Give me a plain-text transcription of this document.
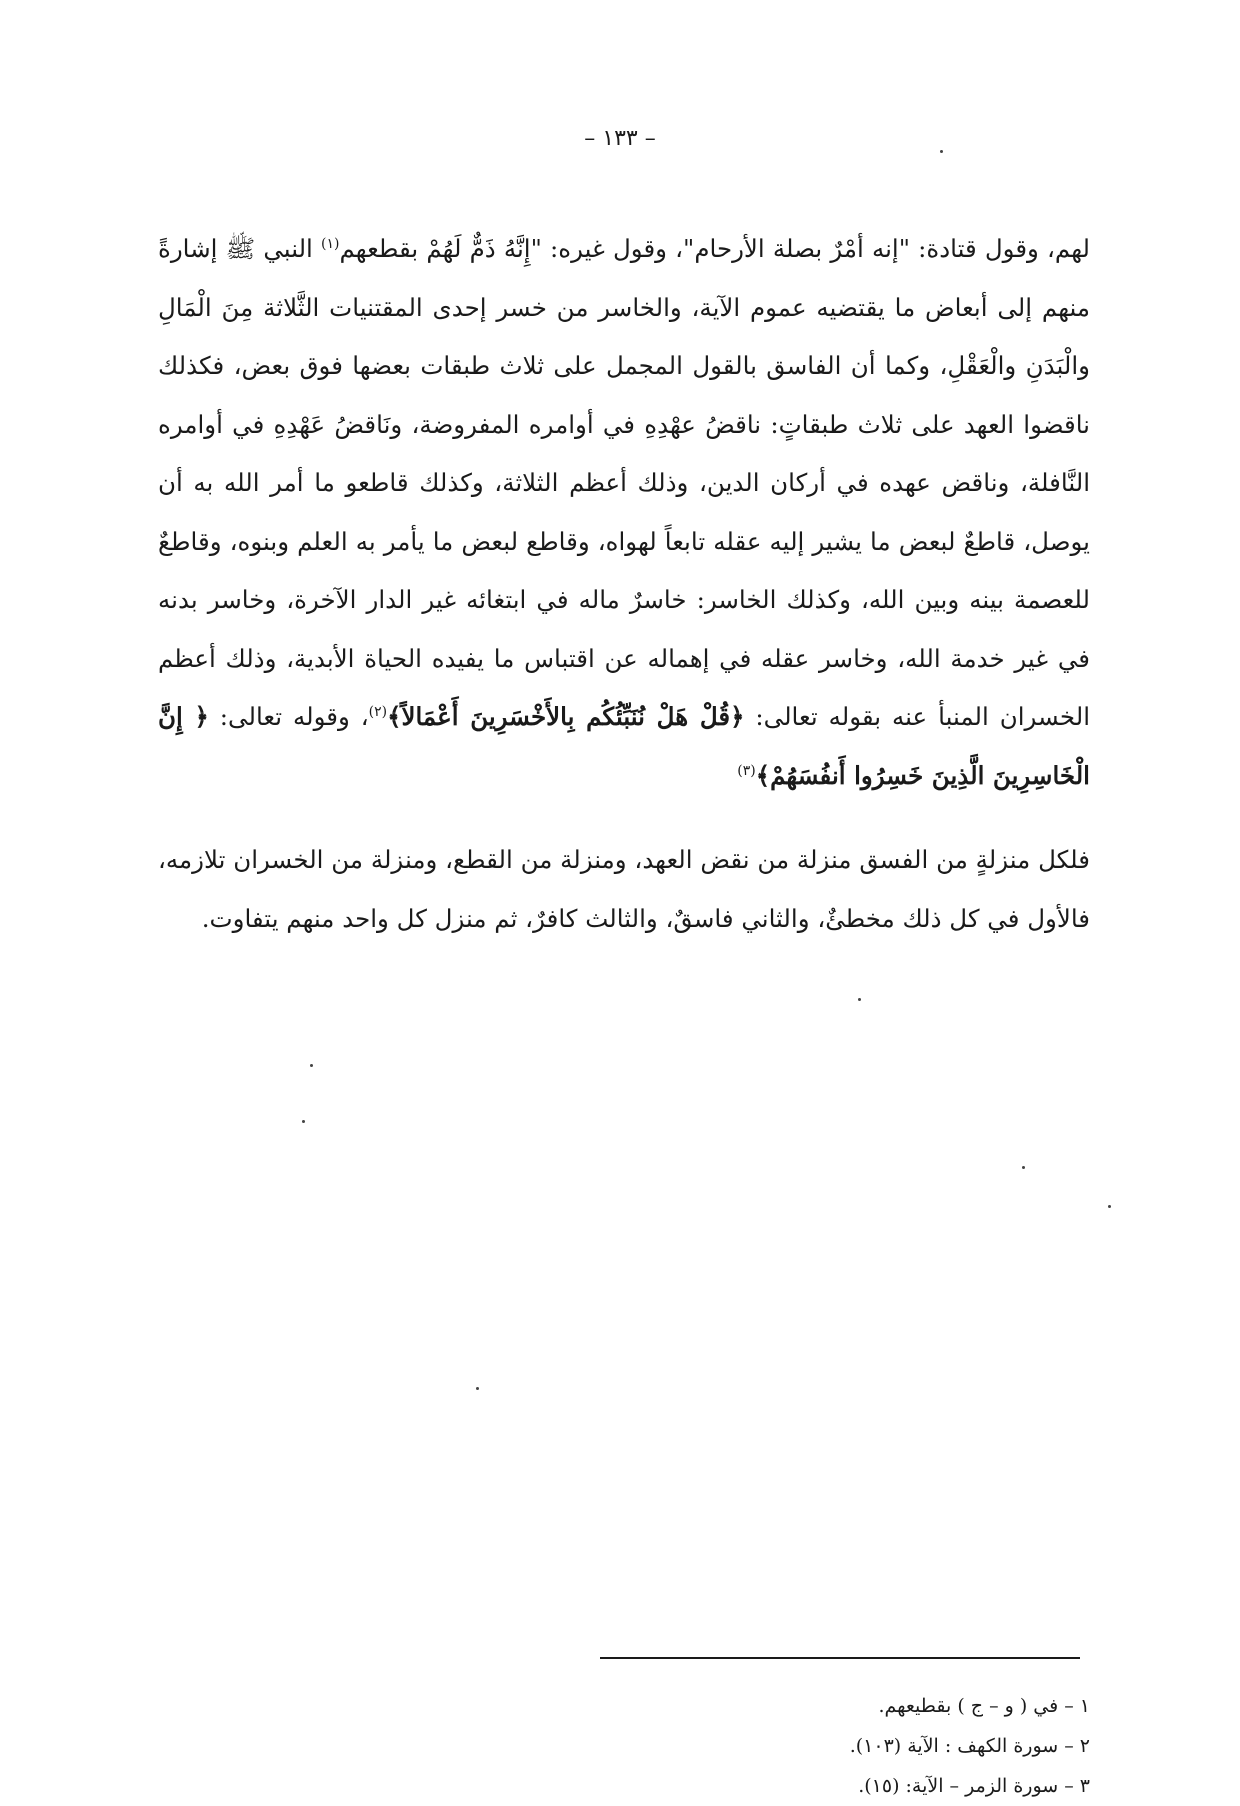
– ١٣٣ –

لهم، وقول قتادة: "إنه أمْرٌ بصلة الأرحام"، وقول غيره: "إِنَّهُ ذَمٌّ لَهُمْ بقطعهم$^{(١)}$ النبي ﷺ إشارةً منهم إلى أبعاض ما يقتضيه عموم الآية، والخاسر من خسر إحدى المقتنيات الثَّلاثة مِنَ الْمَالِ والْبَدَنِ والْعَقْلِ، وكما أن الفاسق بالقول المجمل على ثلاث طبقات بعضها فوق بعض، فكذلك ناقضوا العهد على ثلاث طبقاتٍ: ناقضُ عهْدِهِ في أوامره المفروضة، ونَاقضُ عَهْدِهِ في أوامره النَّافلة، وناقض عهده في أركان الدين، وذلك أعظم الثلاثة، وكذلك قاطعو ما أمر الله به أن يوصل، قاطعٌ لبعض ما يشير إليه عقله تابعاً لهواه، وقاطع لبعض ما يأمر به العلم وبنوه، وقاطعٌ للعصمة بينه وبين الله، وكذلك الخاسر: خاسرٌ ماله في ابتغائه غير الدار الآخرة، وخاسر بدنه في غير خدمة الله، وخاسر عقله في إهماله عن اقتباس ما يفيده الحياة الأبدية، وذلك أعظم الخسران المنبأ عنه بقوله تعالى: ﴿قُلْ هَلْ نُنَبِّئُكُم بِالأَخْسَرِينَ أَعْمَالاً﴾$^{(٢)}$، وقوله تعالى: ﴿ إِنَّ الْخَاسِرِينَ الَّذِينَ خَسِرُوا أَنفُسَهُمْ﴾$^{(٣)}$

فلكل منزلةٍ من الفسق منزلة من نقض العهد، ومنزلة من القطع، ومنزلة من الخسران تلازمه، فالأول في كل ذلك مخطئٌ، والثاني فاسقٌ، والثالث كافرٌ، ثم منزل كل واحد منهم يتفاوت.

١ – في ( و – ج ) بقطيعهم.

٢ – سورة الكهف : الآية (١٠٣).

٣ – سورة الزمر – الآية: (١٥).
